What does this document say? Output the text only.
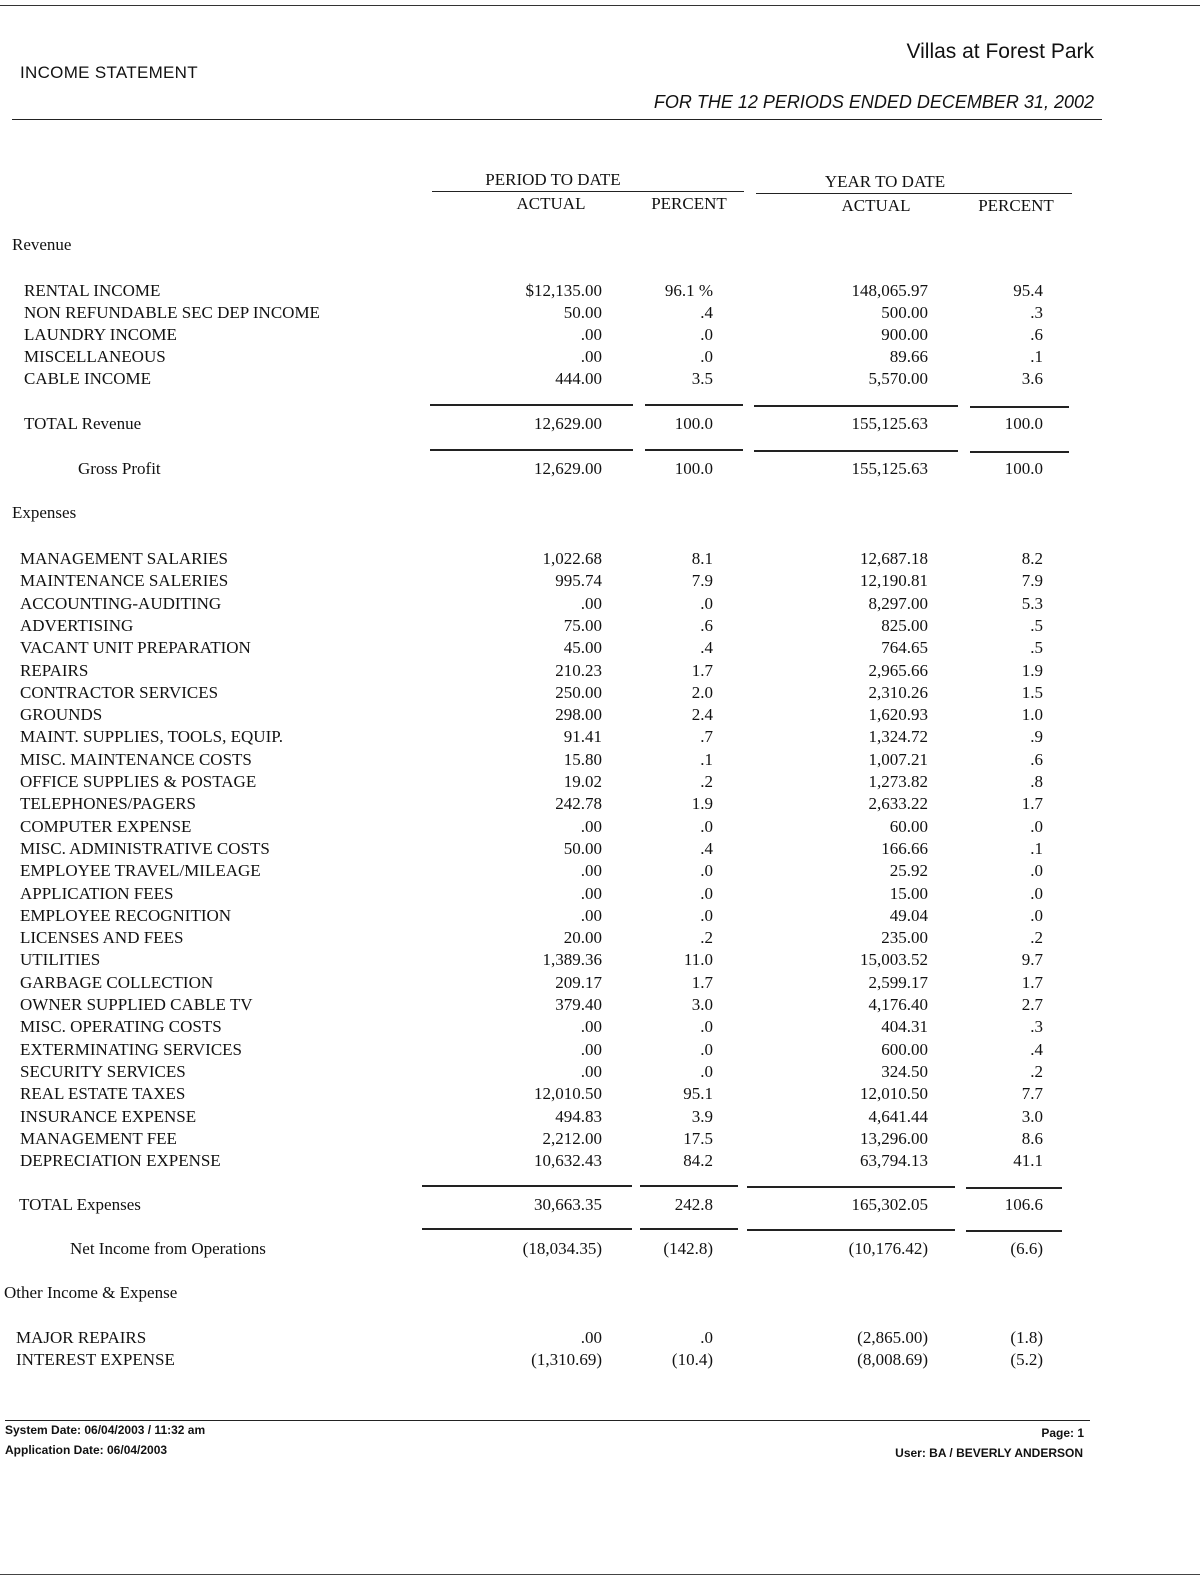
Villas at Forest Park
INCOME STATEMENT
FOR THE 12 PERIODS ENDED DECEMBER 31, 2002
PERIOD TO DATE	YEAR TO DATE
ACTUAL	PERCENT	ACTUAL	PERCENT
Revenue
RENTAL INCOME	$12,135.00	96.1 %	148,065.97	95.4
NON REFUNDABLE SEC DEP INCOME	50.00	.4	500.00	.3
LAUNDRY INCOME	.00	.0	900.00	.6
MISCELLANEOUS	.00	.0	89.66	.1
CABLE INCOME	444.00	3.5	5,570.00	3.6
TOTAL Revenue	12,629.00	100.0	155,125.63	100.0
Gross Profit	12,629.00	100.0	155,125.63	100.0
Expenses
MANAGEMENT SALARIES	1,022.68	8.1	12,687.18	8.2
MAINTENANCE SALERIES	995.74	7.9	12,190.81	7.9
ACCOUNTING-AUDITING	.00	.0	8,297.00	5.3
ADVERTISING	75.00	.6	825.00	.5
VACANT UNIT PREPARATION	45.00	.4	764.65	.5
REPAIRS	210.23	1.7	2,965.66	1.9
CONTRACTOR SERVICES	250.00	2.0	2,310.26	1.5
GROUNDS	298.00	2.4	1,620.93	1.0
MAINT. SUPPLIES, TOOLS, EQUIP.	91.41	.7	1,324.72	.9
MISC. MAINTENANCE COSTS	15.80	.1	1,007.21	.6
OFFICE SUPPLIES & POSTAGE	19.02	.2	1,273.82	.8
TELEPHONES/PAGERS	242.78	1.9	2,633.22	1.7
COMPUTER EXPENSE	.00	.0	60.00	.0
MISC. ADMINISTRATIVE COSTS	50.00	.4	166.66	.1
EMPLOYEE TRAVEL/MILEAGE	.00	.0	25.92	.0
APPLICATION FEES	.00	.0	15.00	.0
EMPLOYEE RECOGNITION	.00	.0	49.04	.0
LICENSES AND FEES	20.00	.2	235.00	.2
UTILITIES	1,389.36	11.0	15,003.52	9.7
GARBAGE COLLECTION	209.17	1.7	2,599.17	1.7
OWNER SUPPLIED CABLE TV	379.40	3.0	4,176.40	2.7
MISC. OPERATING COSTS	.00	.0	404.31	.3
EXTERMINATING SERVICES	.00	.0	600.00	.4
SECURITY SERVICES	.00	.0	324.50	.2
REAL ESTATE TAXES	12,010.50	95.1	12,010.50	7.7
INSURANCE EXPENSE	494.83	3.9	4,641.44	3.0
MANAGEMENT FEE	2,212.00	17.5	13,296.00	8.6
DEPRECIATION EXPENSE	10,632.43	84.2	63,794.13	41.1
TOTAL Expenses	30,663.35	242.8	165,302.05	106.6
Net Income from Operations	(18,034.35)	(142.8)	(10,176.42)	(6.6)
Other Income & Expense
MAJOR REPAIRS	.00	.0	(2,865.00)	(1.8)
INTEREST EXPENSE	(1,310.69)	(10.4)	(8,008.69)	(5.2)
System Date: 06/04/2003 / 11:32 am
Application Date: 06/04/2003
Page: 1
User: BA / BEVERLY ANDERSON
